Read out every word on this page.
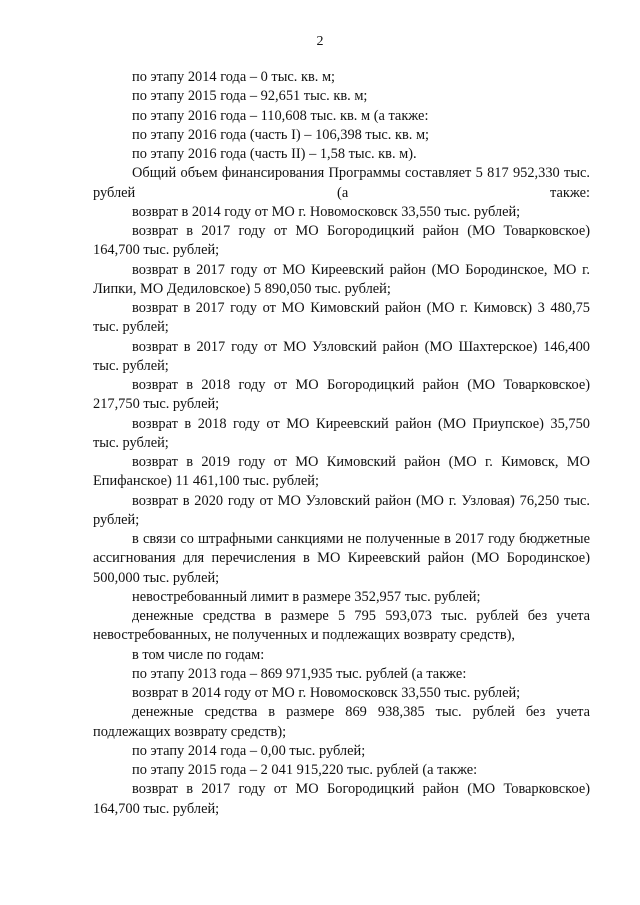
2

по этапу 2014 года – 0 тыс. кв. м;

по этапу 2015 года – 92,651 тыс. кв. м;

по этапу 2016 года – 110,608 тыс. кв. м (а также:

по этапу 2016 года (часть I) – 106,398 тыс. кв. м;

по этапу 2016 года (часть II) – 1,58 тыс. кв. м).

Общий объем финансирования Программы составляет 5 817 952,330 тыс. рублей (а также:

возврат в 2014 году от МО г. Новомосковск 33,550 тыс. рублей;

возврат в 2017 году от МО Богородицкий район (МО Товарковское) 164,700 тыс. рублей;

возврат в 2017 году от МО Киреевский район (МО Бородинское, МО г. Липки, МО Дедиловское) 5 890,050 тыс. рублей;

возврат в 2017 году от МО Кимовский район (МО г. Кимовск) 3 480,75 тыс. рублей;

возврат в 2017 году от МО Узловский район (МО Шахтерское) 146,400 тыс. рублей;

возврат в 2018 году от МО Богородицкий район (МО Товарковское) 217,750 тыс. рублей;

возврат в 2018 году от МО Киреевский район (МО Приупское) 35,750 тыс. рублей;

возврат в 2019 году от МО Кимовский район (МО г. Кимовск, МО Епифанское) 11 461,100 тыс. рублей;

возврат в 2020 году от МО Узловский район (МО г. Узловая) 76,250 тыс. рублей;

в связи со штрафными санкциями не полученные в 2017 году бюджетные ассигнования для перечисления в МО Киреевский район (МО Бородинское) 500,000 тыс. рублей;

невостребованный лимит в размере 352,957 тыс. рублей;

денежные средства в размере 5 795 593,073 тыс. рублей без учета невостребованных, не полученных и подлежащих возврату средств),

в том числе по годам:

по этапу 2013 года – 869 971,935 тыс. рублей (а также:

возврат в 2014 году от МО г. Новомосковск 33,550 тыс. рублей;

денежные средства в размере 869 938,385 тыс. рублей без учета подлежащих возврату средств);

по этапу 2014 года – 0,00 тыс. рублей;

по этапу 2015 года – 2 041 915,220 тыс. рублей (а также:

возврат в 2017 году от МО Богородицкий район (МО Товарковское) 164,700 тыс. рублей;
